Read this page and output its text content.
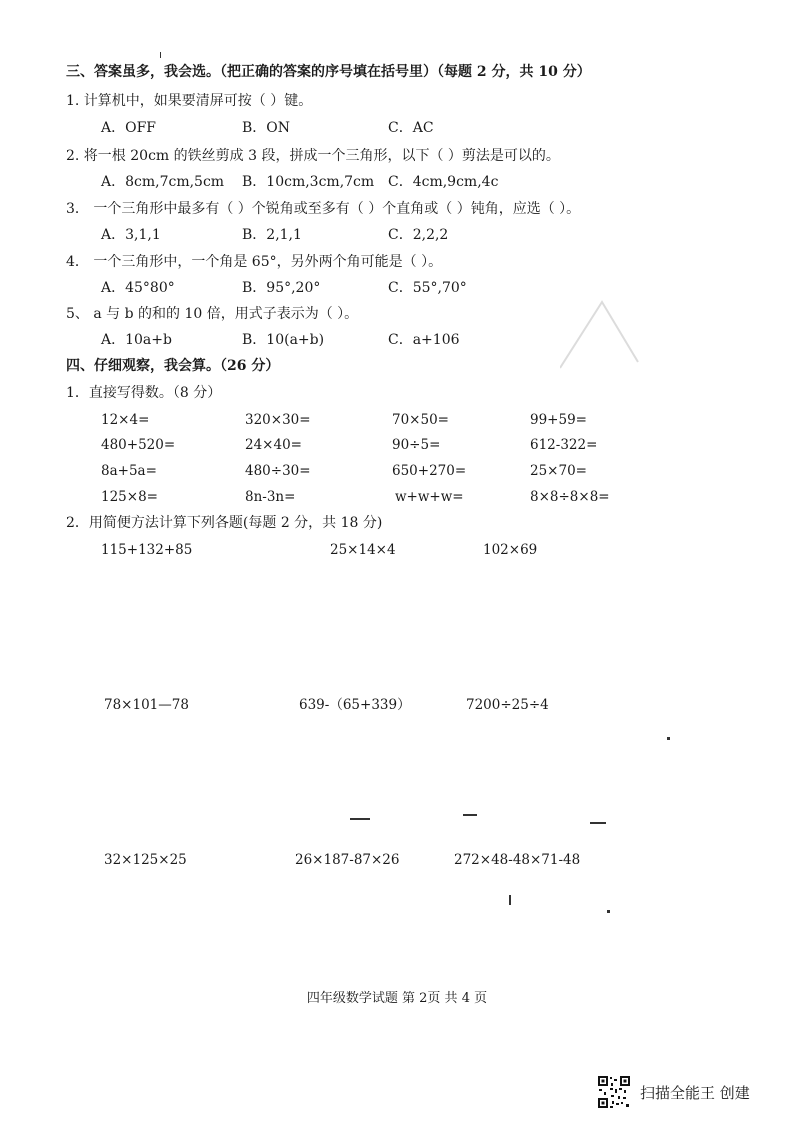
三、答案虽多，我会选。（把正确的答案的序号填在括号里）（每题 2 分，共 10 分）
1. 计算机中，如果要清屏可按（ ）键。
A．OFF	B．ON	C．AC
2. 将一根 20cm 的铁丝剪成 3 段，拼成一个三角形，以下（ ）剪法是可以的。
A．8cm,7cm,5cm B．10cm,3cm,7cm C．4cm,9cm,4c
3． 一个三角形中最多有（ ）个锐角或至多有（ ）个直角或（ ）钝角，应选（ ）。
A．3,1,1	B．2,1,1	C．2,2,2
4． 一个三角形中，一个角是 65°，另外两个角可能是（ ）。
A．45°80°	B．95°,20°	C．55°,70°
5、 a 与 b 的和的 10 倍，用式子表示为（ ）。
A．10a+b	B．10(a+b)	C．a+106
四、仔细观察，我会算。（26 分）
1．直接写得数。（8 分）
12×4=	320×30=	70×50=	99+59=
480+520=	24×40=	90÷5=	612-322=
8a+5a=	480÷30=	650+270=	25×70=
125×8=	8n-3n=	w+w+w=	8×8÷8×8=
2．用简便方法计算下列各题(每题 2 分，共 18 分)
115+132+85	25×14×4	102×69
78×101—78	639-（65+339）	7200÷25÷4
32×125×25	26×187-87×26	272×48-48×71-48
四年级数学试题 第 2页 共 4 页
扫描全能王 创建
